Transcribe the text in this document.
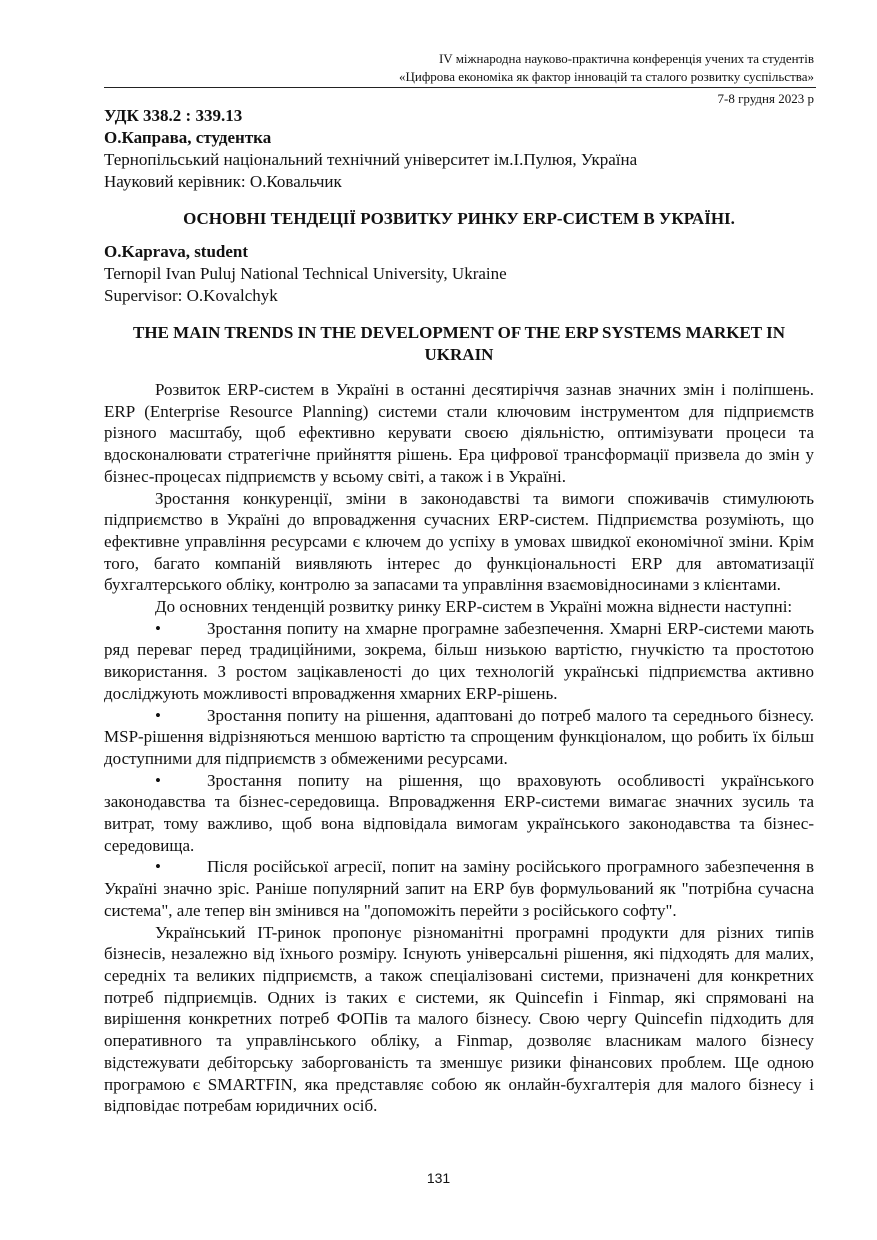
IV міжнародна науково-практична конференція учених та студентів
«Цифрова економіка як фактор інновацій та сталого розвитку суспільства»
7-8 грудня 2023 р

УДК 338.2 : 339.13

О.Каправа, студентка

Тернопільський національний технічний університет ім.І.Пулюя, Україна

Науковий керівник: О.Ковальчик

ОСНОВНІ ТЕНДЕЦІЇ РОЗВИТКУ РИНКУ ERP-СИСТЕМ В УКРАЇНІ.

O.Kaprava, student

Ternopil Ivan Puluj National Technical University, Ukraine

Supervisor: O.Kovalchyk

THE MAIN TRENDS IN THE DEVELOPMENT OF THE ERP SYSTEMS MARKET IN UKRAIN

Розвиток ERP-систем в Україні в останні десятиріччя зазнав значних змін і поліпшень. ERP (Enterprise Resource Planning) системи стали ключовим інструментом для підприємств різного масштабу, щоб ефективно керувати своєю діяльністю, оптимізувати процеси та вдосконалювати стратегічне прийняття рішень. Ера цифрової трансформації призвела до змін у бізнес-процесах підприємств у всьому світі, а також і в Україні.

Зростання конкуренції, зміни в законодавстві та вимоги споживачів стимулюють підприємство в Україні до впровадження сучасних ERP-систем. Підприємства розуміють, що ефективне управління ресурсами є ключем до успіху в умовах швидкої економічної зміни. Крім того, багато компаній виявляють інтерес до функціональності ERP для автоматизації бухгалтерського обліку, контролю за запасами та управління взаємовідносинами з клієнтами.

До основних тенденцій розвитку ринку ERP-систем в Україні можна віднести наступні:

•	Зростання попиту на хмарне програмне забезпечення. Хмарні ERP-системи мають ряд переваг перед традиційними, зокрема, більш низькою вартістю, гнучкістю та простотою використання. З ростом зацікавленості до цих технологій українські підприємства активно досліджують можливості впровадження хмарних ERP-рішень.

•	Зростання попиту на рішення, адаптовані до потреб малого та середнього бізнесу. MSP-рішення відрізняються меншою вартістю та спрощеним функціоналом, що робить їх більш доступними для підприємств з обмеженими ресурсами.

•	Зростання попиту на рішення, що враховують особливості українського законодавства та бізнес-середовища. Впровадження ERP-системи вимагає значних зусиль та витрат, тому важливо, щоб вона відповідала вимогам українського законодавства та бізнес-середовища.

•	Після російської агресії, попит на заміну російського програмного забезпечення в Україні значно зріс. Раніше популярний запит на ERP був формульований як "потрібна сучасна система", але тепер він змінився на "допоможіть перейти з російського софту".

Український IT-ринок пропонує різноманітні програмні продукти для різних типів бізнесів, незалежно від їхнього розміру. Існують універсальні рішення, які підходять для малих, середніх та великих підприємств, а також спеціалізовані системи, призначені для конкретних потреб підприємців. Одних із таких є системи, як Quincefin і Finmap, які спрямовані на вирішення конкретних потреб ФОПів та малого бізнесу. Свою чергу Quincefin підходить для оперативного та управлінського обліку, а Finmap, дозволяє власникам малого бізнесу відстежувати дебіторську заборгованість та зменшує ризики фінансових проблем. Ще одною програмою є SMARTFIN, яка представляє собою як онлайн-бухгалтерія для малого бізнесу і відповідає потребам юридичних осіб.

131
